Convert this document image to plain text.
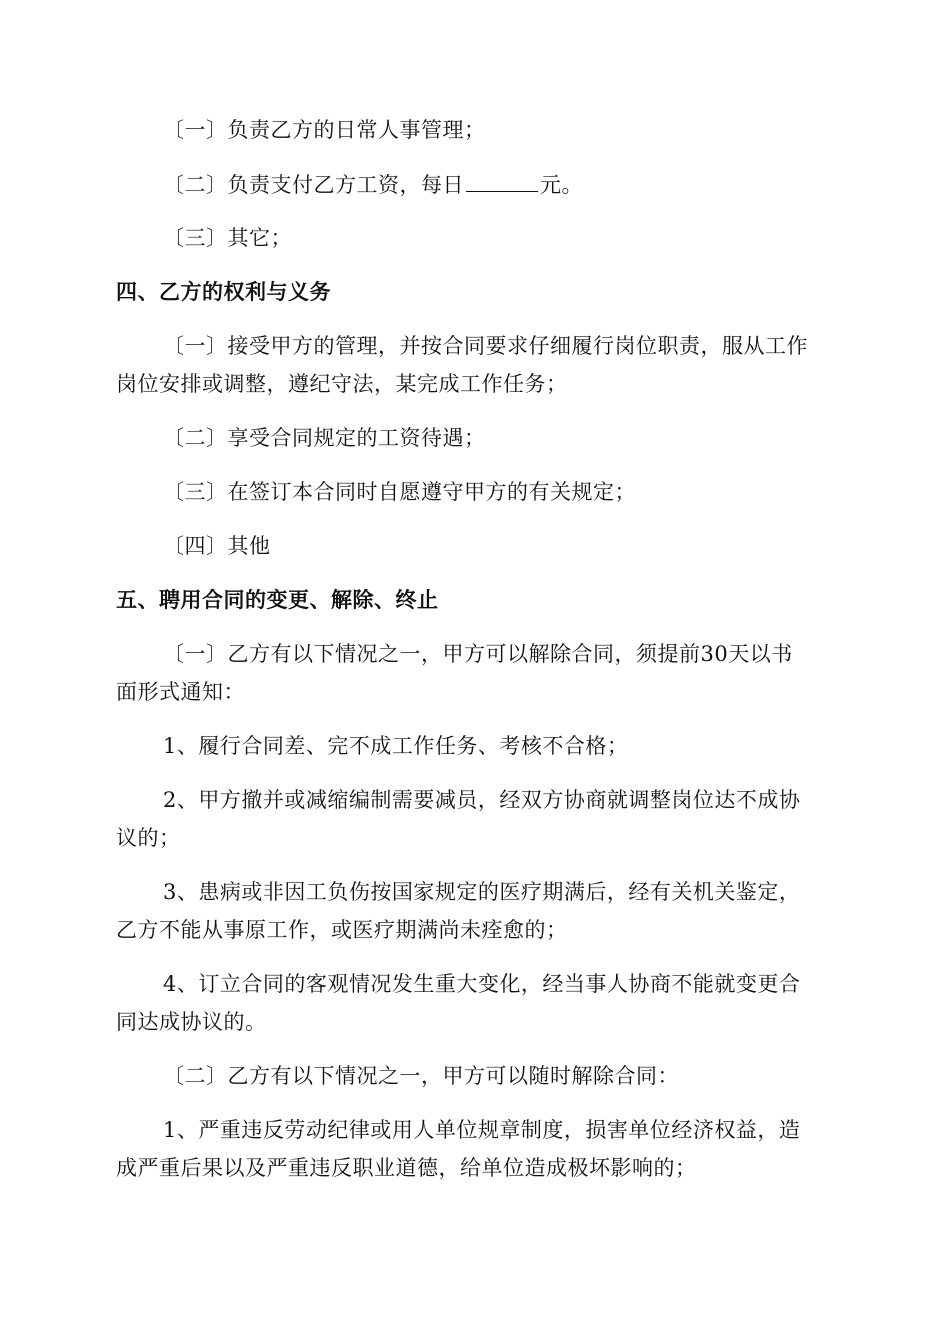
〔一〕负责乙方的日常人事管理；

〔二〕负责支付乙方工资，每日	元。

〔三〕其它；

四、乙方的权利与义务

〔一〕接受甲方的管理，并按合同要求仔细履行岗位职责，服从工作

岗位安排或调整，遵纪守法，某完成工作任务；

〔二〕享受合同规定的工资待遇；

〔三〕在签订本合同时自愿遵守甲方的有关规定；

〔四〕其他

五、聘用合同的变更、解除、终止

〔一〕乙方有以下情况之一，甲方可以解除合同，须提前30天以书

面形式通知：

1、履行合同差、完不成工作任务、考核不合格；

2、甲方撤并或减缩编制需要减员，经双方协商就调整岗位达不成协

议的；

3、患病或非因工负伤按国家规定的医疗期满后，经有关机关鉴定，

乙方不能从事原工作，或医疗期满尚未痊愈的；

4、订立合同的客观情况发生重大变化，经当事人协商不能就变更合

同达成协议的。

〔二〕乙方有以下情况之一，甲方可以随时解除合同：

1、严重违反劳动纪律或用人单位规章制度，损害单位经济权益，造

成严重后果以及严重违反职业道德，给单位造成极坏影响的；
